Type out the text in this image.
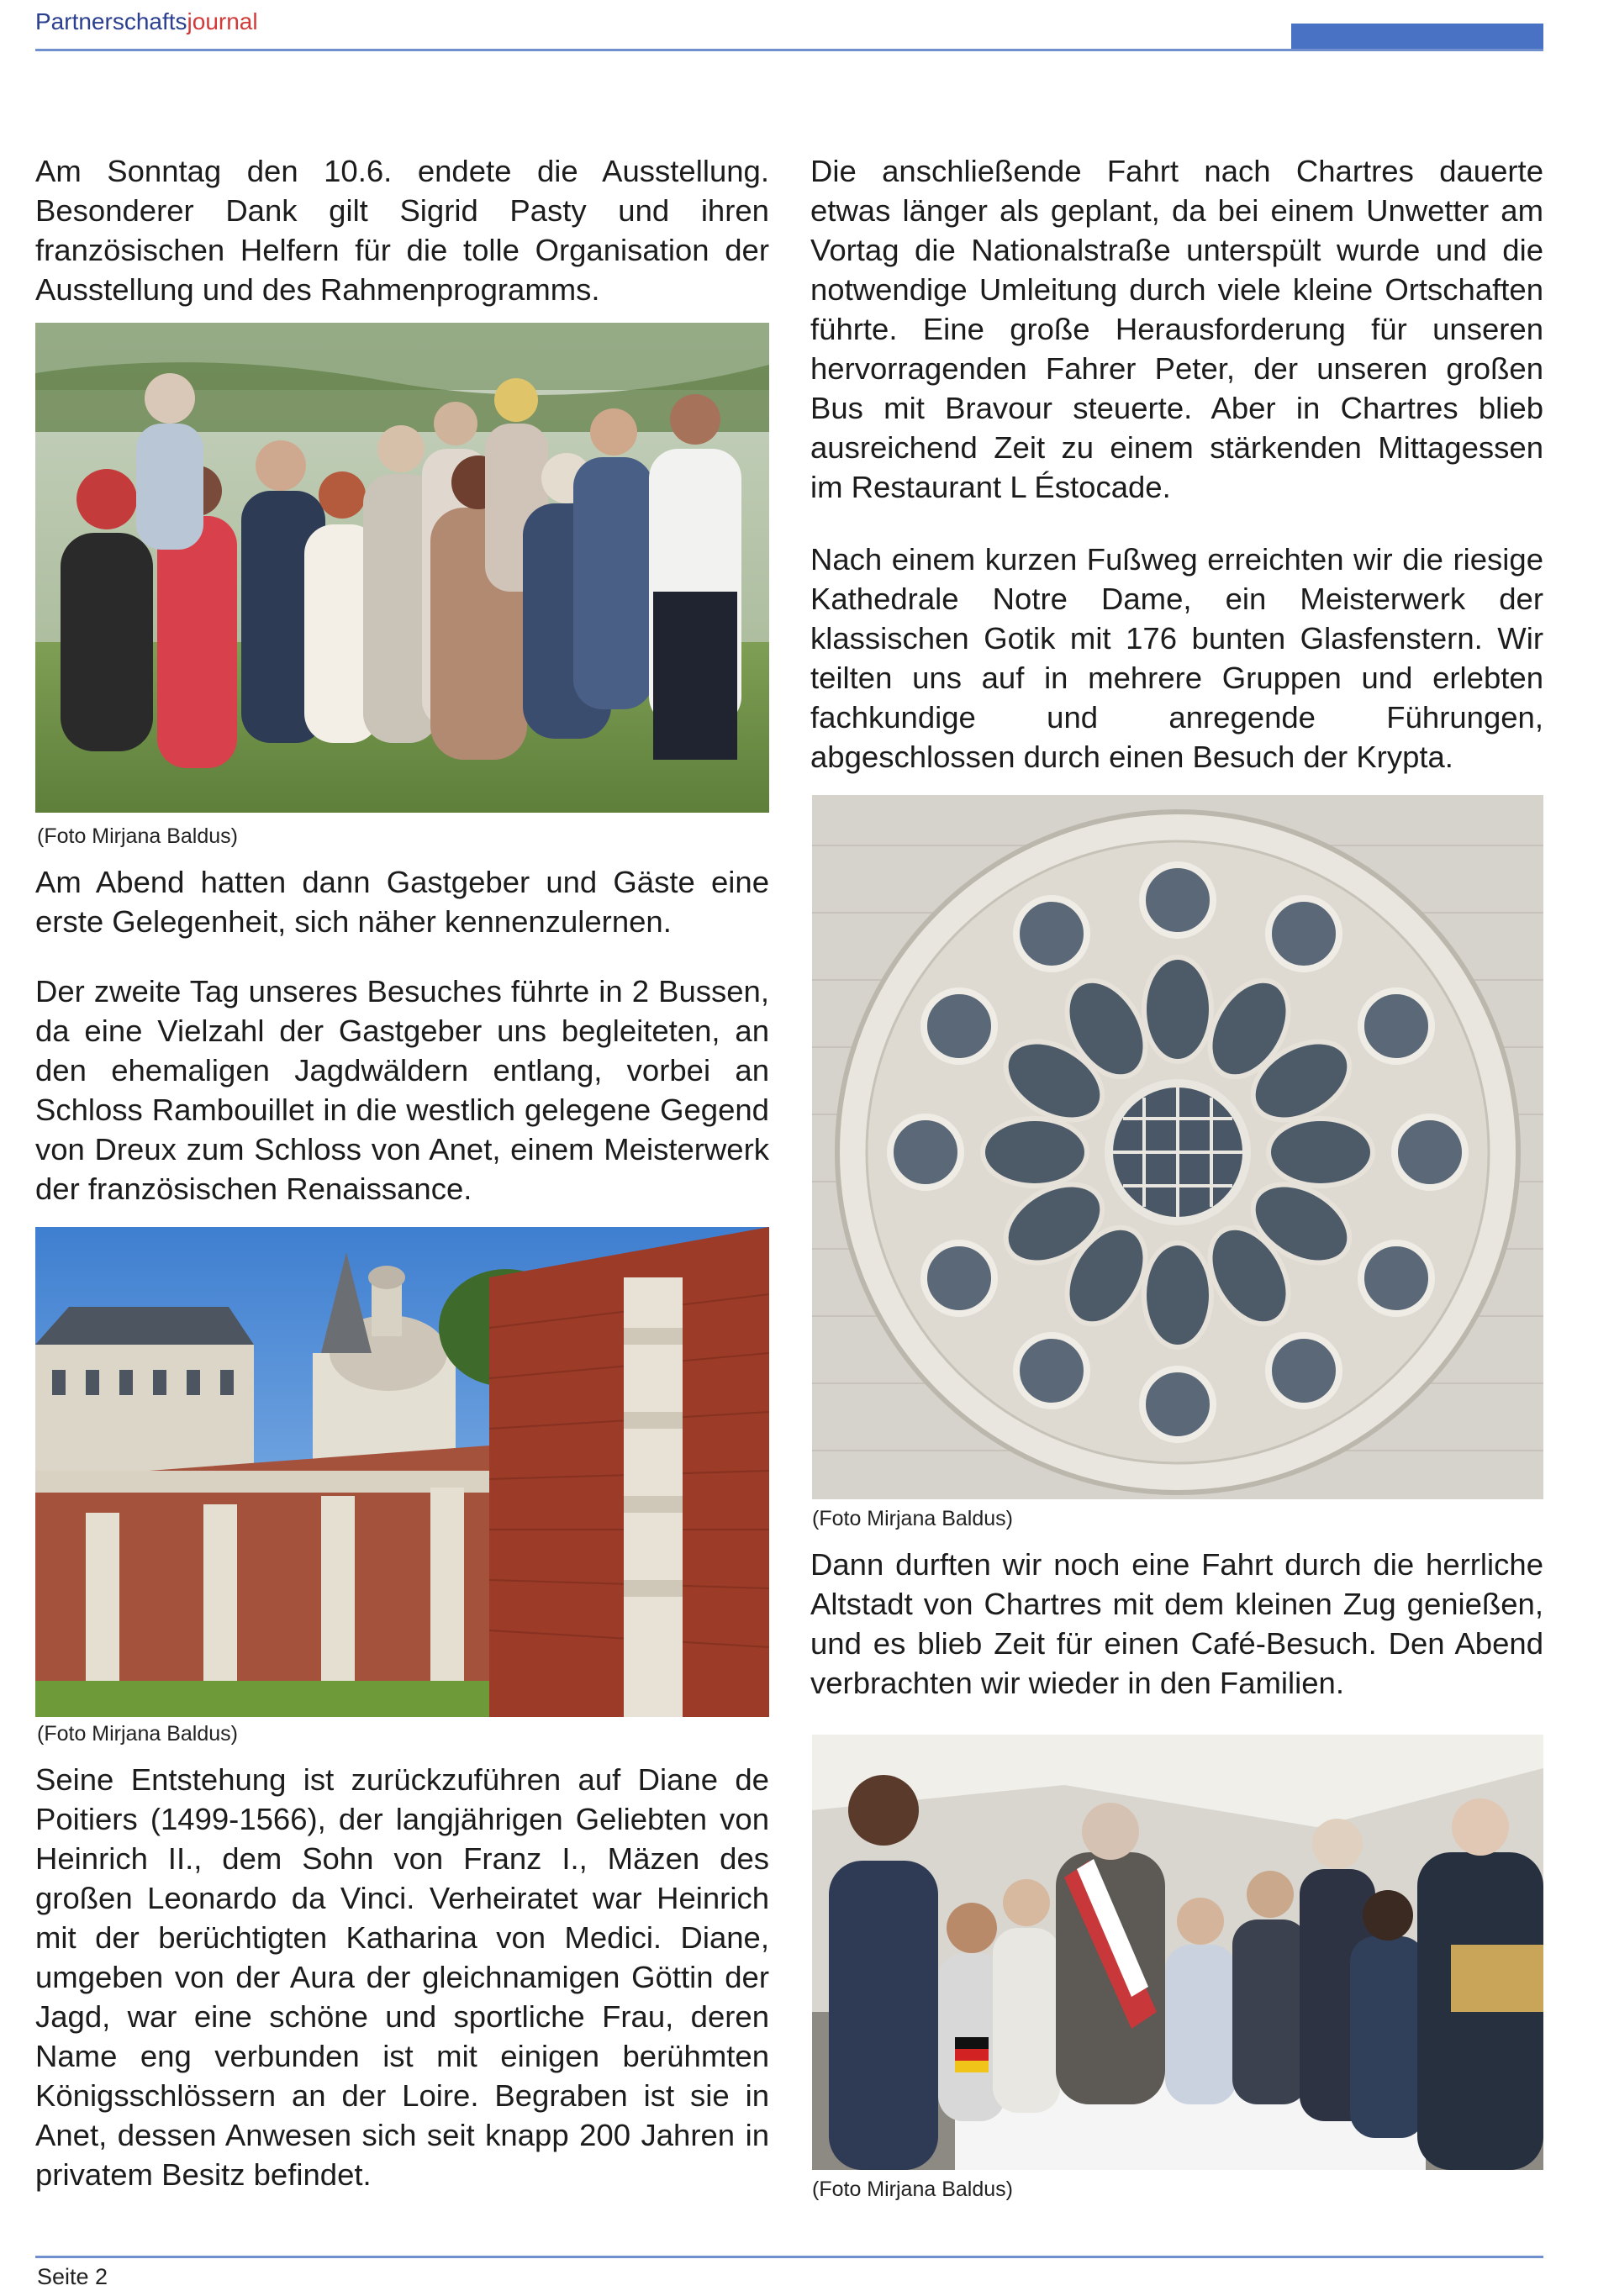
Partnerschaftsjournal

Am Sonntag den 10.6. endete die Ausstellung. Besonderer Dank gilt Sigrid Pasty und ihren französischen Helfern für die tolle Organisation der Ausstellung und des Rahmenprogramms.

(Foto Mirjana Baldus)

Am Abend hatten dann Gastgeber und Gäste eine erste Gelegenheit, sich näher kennenzulernen.

Der zweite Tag unseres Besuches führte in 2 Bussen, da eine Vielzahl der Gastgeber uns begleiteten, an den ehemaligen Jagdwäldern entlang, vorbei an Schloss Rambouillet in die westlich gelegene Gegend von Dreux zum Schloss von Anet, einem Meisterwerk der französischen Renaissance.

(Foto Mirjana Baldus)

Seine Entstehung ist zurückzuführen auf Diane de Poitiers (1499-1566), der langjährigen Geliebten von Heinrich II., dem Sohn von Franz I., Mäzen des großen Leonardo da Vinci. Verheiratet war Heinrich mit der berüchtigten Katharina von Medici. Diane, umgeben von der Aura der gleichnamigen Göttin der Jagd, war eine schöne und sportliche Frau, deren Name eng verbunden ist mit einigen berühmten Königsschlössern an der Loire. Begraben ist sie in Anet, dessen Anwesen sich seit knapp 200 Jahren in privatem Besitz befindet.

Die anschließende Fahrt nach Chartres dauerte etwas länger als geplant, da bei einem Unwetter am Vortag die Nationalstraße unterspült wurde und die notwendige Umleitung durch viele kleine Ortschaften führte. Eine große Herausforderung für unseren hervorragenden Fahrer Peter, der unseren großen Bus mit Bravour steuerte. Aber in Chartres blieb ausreichend Zeit zu einem stärkenden Mittagessen im Restaurant L Éstocade.

Nach einem kurzen Fußweg erreichten wir die riesige Kathedrale Notre Dame, ein Meisterwerk der klassischen Gotik mit 176 bunten Glasfenstern. Wir teilten uns auf in mehrere Gruppen und erlebten fachkundige und anregende Führungen, abgeschlossen durch einen Besuch der Krypta.

(Foto Mirjana Baldus)

Dann durften wir noch eine Fahrt durch die herrliche Altstadt von Chartres mit dem kleinen Zug genießen, und es blieb Zeit für einen Café-Besuch. Den Abend verbrachten wir wieder in den Familien.

(Foto Mirjana Baldus)

Seite 2
